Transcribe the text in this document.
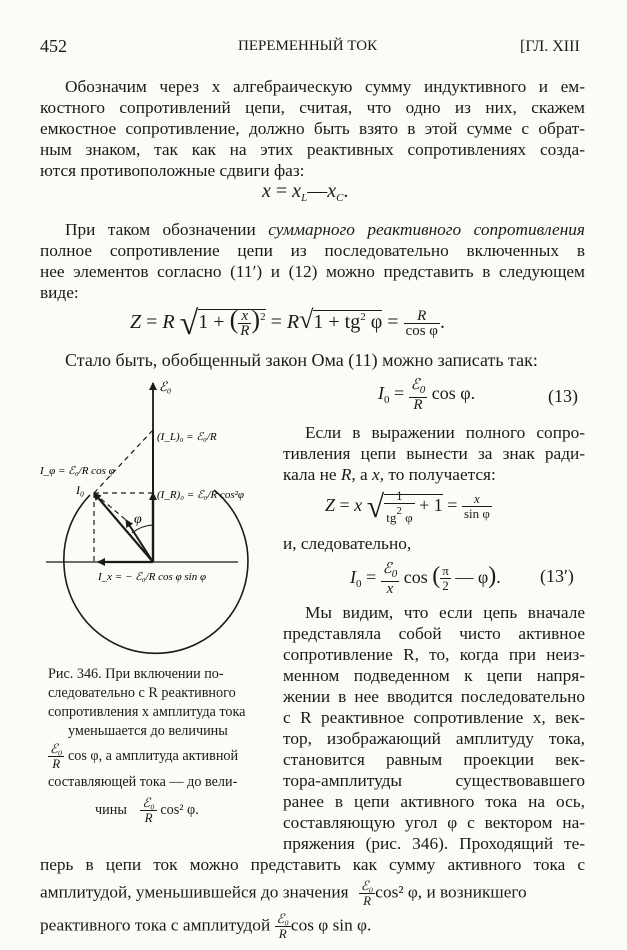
452	ПЕРЕМЕННЫЙ ТОК	[ГЛ. XIII
Обозначим через x алгебраическую сумму индуктивного и ем-
костного сопротивлений цепи, считая, что одно из них, скажем
емкостное сопротивление, должно быть взято в этой сумме с обрат-
ным знаком, так как на этих реактивных сопротивлениях созда-
ются противоположные сдвиги фаз:
$x = x_L—x_C$.
При таком обозначении суммарного реактивного сопротивления
полное сопротивление цепи из последовательно включенных в
нее элементов согласно (11′) и (12) можно представить в следующем
виде:
Z = R √1 + ( $\frac{x}{R} )^2 = R√1 + tg^2$ $\varphi = \frac{R}{\text{cos φ}}$ .
Стало быть, обобщенный закон Ома (11) можно записать так:
ℰ₀
(I_L)₀ = ℰ₀/R
(I_R)₀ = ℰ₀/R cos²φ
I_φ = ℰ₀/R cos φ
I₀
φ
I_x = − ℰ₀/R cos φ sin φ
Рис. 346. При включении по-
следовательно с R реактивного
сопротивления x амплитуда тока
уменьшается до величины
$\frac{\text{ℰ₀}}{R}$ cos φ, а амплитуда активной
составляющей тока — до вели-
чины $\frac{\text{ℰ₀}}{R} \cos^2$ φ.
$I_0 = \frac{ℰ_0}{R}$ cos φ.	(13)
Если в выражении полного сопро-
тивления цепи вынести за знак ради-
кала не R, а x, то получается:
Z = x √ $\frac{1}{tg^2 \varphi} + 1 = \frac{x}{\text{sin φ}}$
и, следовательно,
$I_0 = \frac{ℰ_0}{x}$ cos ( $\frac{\pi}{2}$ — φ). (13′)
Мы видим, что если цепь вначале
представляла собой чисто активное
сопротивление R, то, когда при неиз-
менном подведенном к цепи напря-
жении в нее вводится последовательно
с R реактивное сопротивление x, век-
тор, изображающий амплитуду тока,
становится равным проекции век-
тора-амплитуды существовавшего
ранее в цепи активного тока на ось,
составляющую угол φ с вектором на-
пряжения (рис. 346). Проходящий те-
перь в цепи ток можно представить как сумму активного тока с
амплитудой, уменьшившейся до значения $\frac{\text{ℰ₀}}{R} \cos^2$ φ, и возникшего
реактивного тока с амплитудой $\frac{\text{ℰ₀}}{R}$ cos φ sin φ.
